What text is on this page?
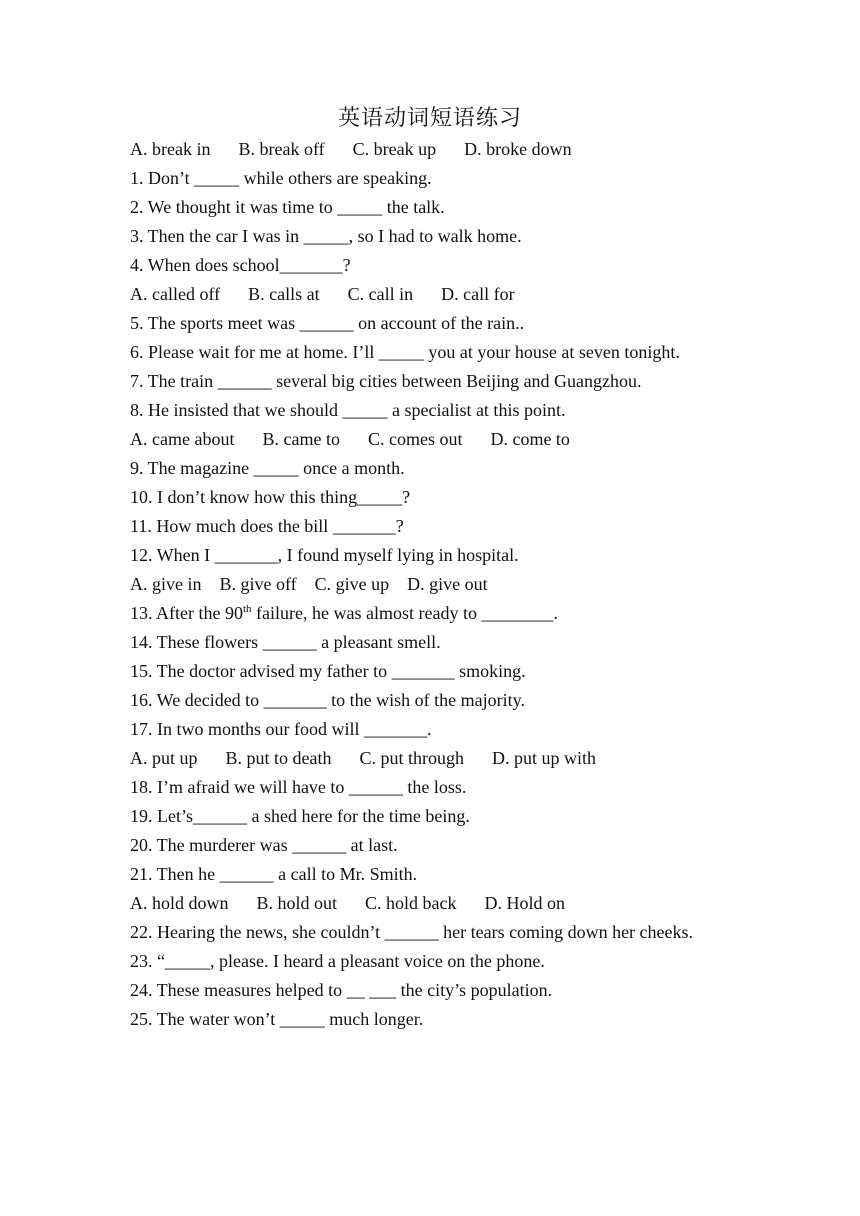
英语动词短语练习
A. break in B. break off C. break up D. broke down
1. Don’t _____ while others are speaking.
2. We thought it was time to _____ the talk.
3. Then the car I was in _____, so I had to walk home.
4. When does school_______?
A. called off B. calls at C. call in D. call for
5. The sports meet was ______ on account of the rain..
6. Please wait for me at home. I’ll _____ you at your house at seven tonight.
7. The train ______ several big cities between Beijing and Guangzhou.
8. He insisted that we should _____ a specialist at this point.
A. came about B. came to C. comes out D. come to
9. The magazine _____ once a month.
10. I don’t know how this thing_____?
11. How much does the bill _______?
12. When I _______, I found myself lying in hospital.
A. give in B. give off C. give up D. give out
13. After the 90th failure, he was almost ready to ________.
14. These flowers ______ a pleasant smell.
15. The doctor advised my father to _______ smoking.
16. We decided to _______ to the wish of the majority.
17. In two months our food will _______.
A. put up B. put to death C. put through D. put up with
18. I’m afraid we will have to ______ the loss.
19. Let’s______ a shed here for the time being.
20. The murderer was ______ at last.
21. Then he ______ a call to Mr. Smith.
A. hold down B. hold out C. hold back D. Hold on
22. Hearing the news, she couldn’t ______ her tears coming down her cheeks.
23. “_____, please. I heard a pleasant voice on the phone.
24. These measures helped to __ ___ the city’s population.
25. The water won’t _____ much longer.
